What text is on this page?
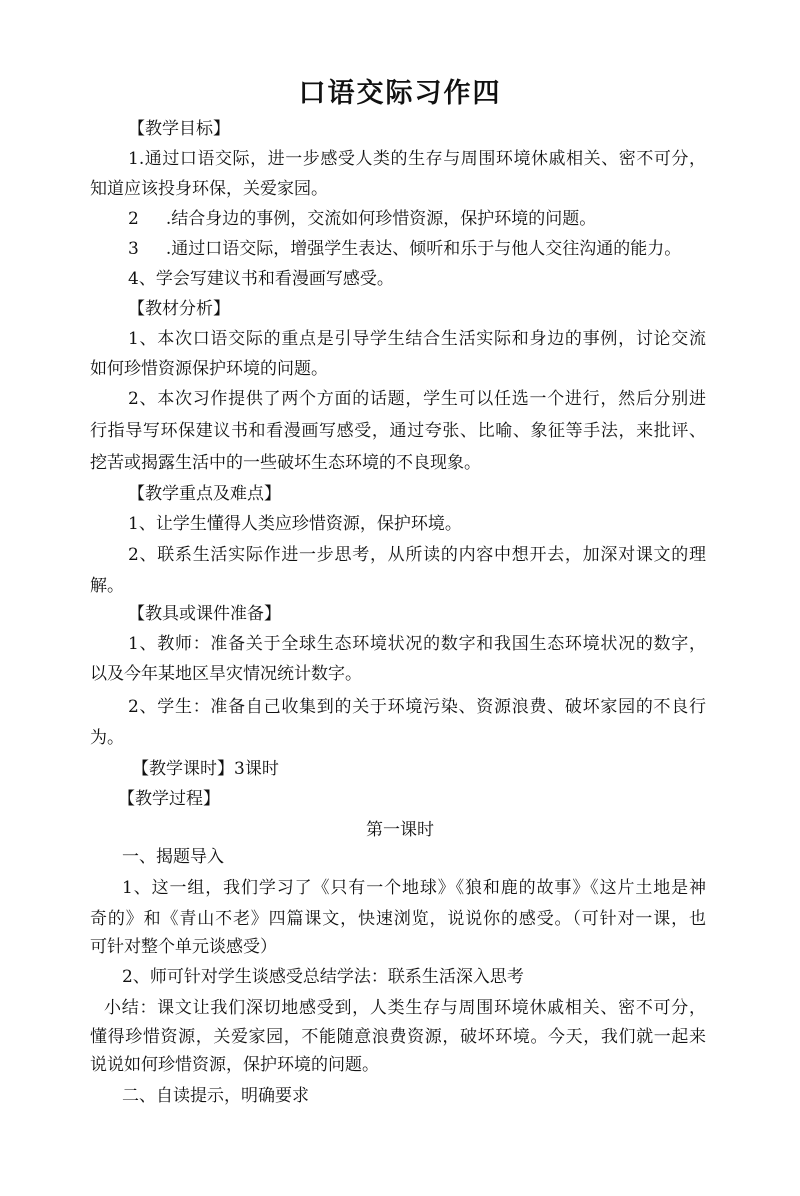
口语交际习作四
【教学目标】
1.通过口语交际，进一步感受人类的生存与周围环境休戚相关、密不可分，
知道应该投身环保，关爱家园。
2     .结合身边的事例，交流如何珍惜资源，保护环境的问题。
3     .通过口语交际，增强学生表达、倾听和乐于与他人交往沟通的能力。
4、学会写建议书和看漫画写感受。
【教材分析】
1、本次口语交际的重点是引导学生结合生活实际和身边的事例，讨论交流
如何珍惜资源保护环境的问题。
2、本次习作提供了两个方面的话题，学生可以任选一个进行，然后分别进
行指导写环保建议书和看漫画写感受，通过夸张、比喻、象征等手法，来批评、
挖苦或揭露生活中的一些破坏生态环境的不良现象。
【教学重点及难点】
1、让学生懂得人类应珍惜资源，保护环境。
2、联系生活实际作进一步思考，从所读的内容中想开去，加深对课文的理
解。
【教具或课件准备】
1、教师：准备关于全球生态环境状况的数字和我国生态环境状况的数字，
以及今年某地区旱灾情况统计数字。
2、学生：准备自己收集到的关于环境污染、资源浪费、破坏家园的不良行
为。
【教学课时】3课时
【教学过程】
第一课时
一、揭题导入
1、这一组，我们学习了《只有一个地球》《狼和鹿的故事》《这片土地是神
奇的》和《青山不老》四篇课文，快速浏览，说说你的感受。（可针对一课，也
可针对整个单元谈感受）
2、师可针对学生谈感受总结学法：联系生活深入思考
小结：课文让我们深切地感受到，人类生存与周围环境休戚相关、密不可分，
懂得珍惜资源，关爱家园，不能随意浪费资源，破坏环境。今天，我们就一起来
说说如何珍惜资源，保护环境的问题。
二、自读提示，明确要求
